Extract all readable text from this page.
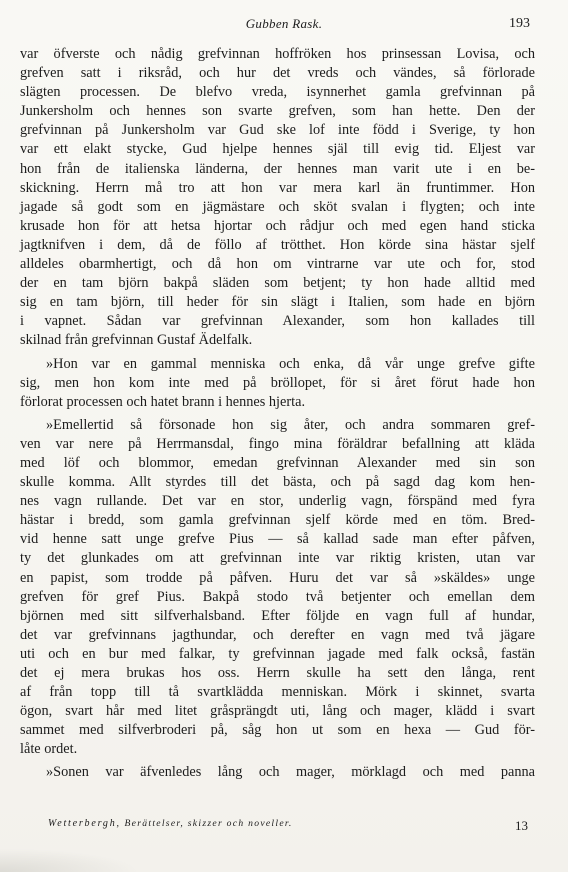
Gubben Rask.	193
var öfverste och nådig grefvinnan hoffröken hos prinsessan Lovisa, och
grefven satt i riksråd, och hur det vreds och vändes, så förlorade
slägten processen. De blefvo vreda, isynnerhet gamla grefvinnan på
Junkersholm och hennes son svarte grefven, som han hette. Den der
grefvinnan på Junkersholm var Gud ske lof inte född i Sverige, ty hon
var ett elakt stycke, Gud hjelpe hennes själ till evig tid. Eljest var
hon från de italienska länderna, der hennes man varit ute i en be-
skickning. Herrn må tro att hon var mera karl än fruntimmer. Hon
jagade så godt som en jägmästare och sköt svalan i flygten; och inte
krusade hon för att hetsa hjortar och rådjur och med egen hand sticka
jagtknifven i dem, då de föllo af trötthet. Hon körde sina hästar sjelf
alldeles obarmhertigt, och då hon om vintrarne var ute och for, stod
der en tam björn bakpå släden som betjent; ty hon hade alltid med
sig en tam björn, till heder för sin slägt i Italien, som hade en björn
i vapnet. Sådan var grefvinnan Alexander, som hon kallades till
skilnad från grefvinnan Gustaf Ädelfalk.
»Hon var en gammal menniska och enka, då vår unge grefve gifte
sig, men hon kom inte med på bröllopet, för si året förut hade hon
förlorat processen och hatet brann i hennes hjerta.
»Emellertid så försonade hon sig åter, och andra sommaren gref-
ven var nere på Herrmansdal, fingo mina föräldrar befallning att kläda
med löf och blommor, emedan grefvinnan Alexander med sin son
skulle komma. Allt styrdes till det bästa, och på sagd dag kom hen-
nes vagn rullande. Det var en stor, underlig vagn, förspänd med fyra
hästar i bredd, som gamla grefvinnan sjelf körde med en töm. Bred-
vid henne satt unge grefve Pius — så kallad sade man efter påfven,
ty det glunkades om att grefvinnan inte var riktig kristen, utan var
en papist, som trodde på påfven. Huru det var så »skäldes» unge
grefven för gref Pius. Bakpå stodo två betjenter och emellan dem
björnen med sitt silfverhalsband. Efter följde en vagn full af hundar,
det var grefvinnans jagthundar, och derefter en vagn med två jägare
uti och en bur med falkar, ty grefvinnan jagade med falk också, fastän
det ej mera brukas hos oss. Herrn skulle ha sett den långa, rent
af från topp till tå svartklädda menniskan. Mörk i skinnet, svarta
ögon, svart hår med litet gråsprängdt uti, lång och mager, klädd i svart
sammet med silfverbroderi på, såg hon ut som en hexa — Gud för-
låte ordet.
»Sonen var äfvenledes lång och mager, mörklagd och med panna
Wetterbergh, Berättelser, skizzer och noveller.	13
